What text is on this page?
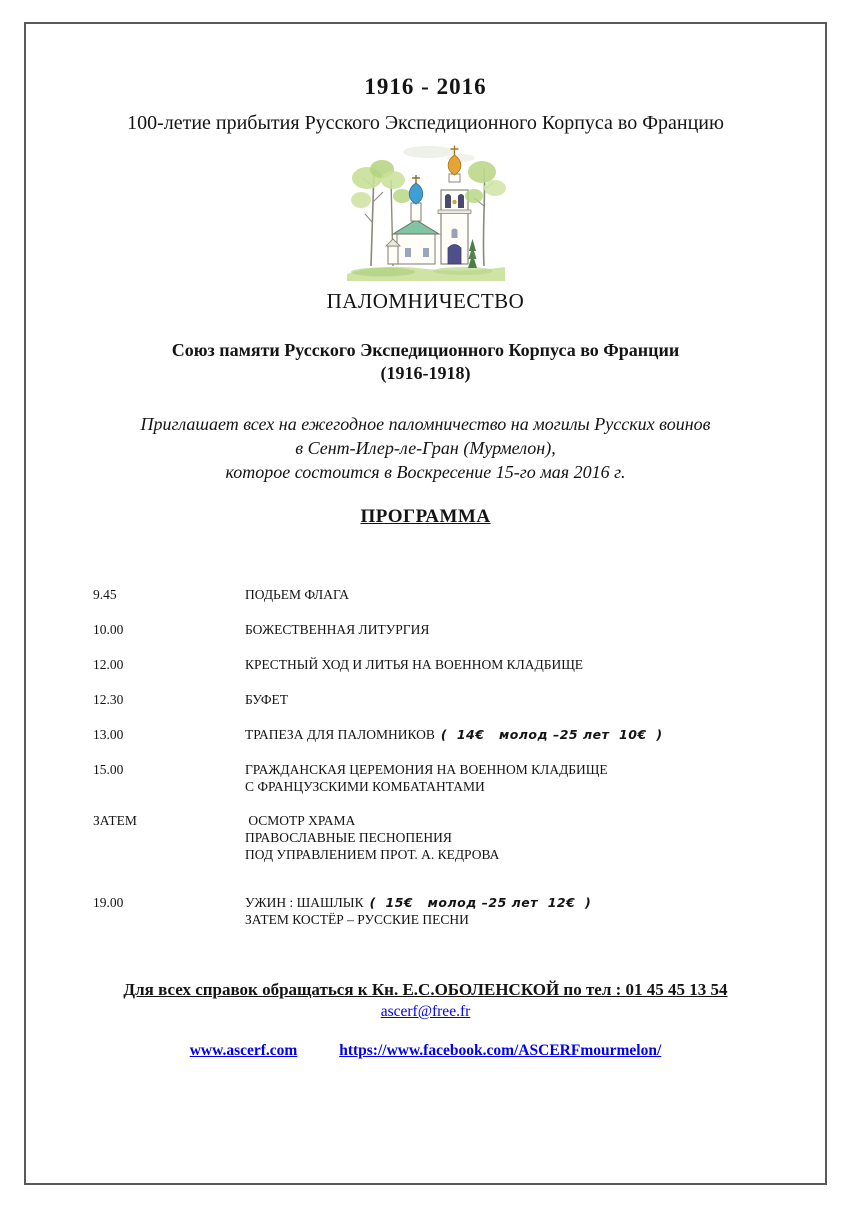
1916 - 2016
100-летие прибытия Русского Экспедиционного Корпуса во Францию
ПАЛОМНИЧЕСТВО
Союз памяти Русского Экспедиционного Корпуса во Франции
(1916-1918)
Приглашает всех на ежегодное паломничество на могилы Русских воинов
в Сент-Илер-ле-Гран (Мурмелон),
которое состоится в Воскресение 15-го мая 2016 г.
ПРОГРАММА
9.45	ПОДЬЕМ ФЛАГА
10.00	БОЖЕСТВЕННАЯ ЛИТУРГИЯ
12.00	КРЕСТНЫЙ ХОД И ЛИТЬЯ НА ВОЕННОМ КЛАДБИЩЕ
12.30	БУФЕТ
13.00	ТРАПЕЗА ДЛЯ ПАЛОМНИКОВ (  14€   молод –25 лет  10€  )
15.00	ГРАЖДАНСКАЯ ЦЕРЕМОНИЯ НА ВОЕННОМ КЛАДБИЩЕ
С ФРАНЦУЗСКИМИ КОМБАТАНТАМИ
ЗАТЕМ	ОСМОТР ХРАМА
ПРАВОСЛАВНЫЕ ПЕСНОПЕНИЯ
ПОД УПРАВЛЕНИЕМ ПРОТ. А. КЕДРОВА
19.00	УЖИН : ШАШЛЫК (  15€   молод –25 лет  12€  )
ЗАТЕМ КОСТЁР – РУССКИЕ ПЕСНИ
Для всех справок обращаться к Кн. Е.С.ОБОЛЕНСКОЙ по тел : 01 45 45 13 54
ascerf@free.fr
www.ascerf.com	https://www.facebook.com/ASCERFmourmelon/
